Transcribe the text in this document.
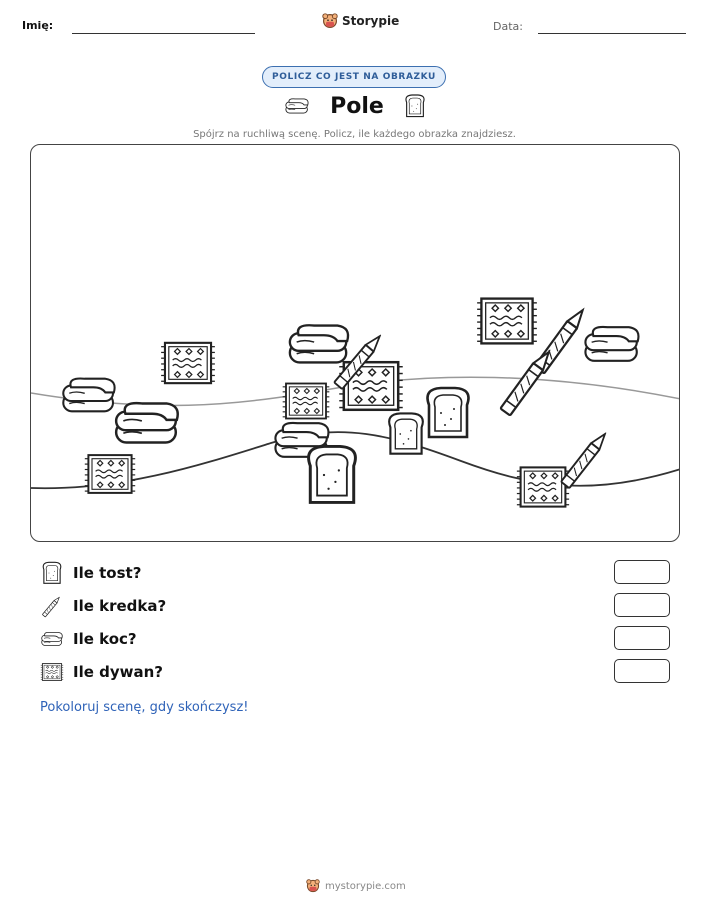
Imię:	Storypie	Data:
POLICZ CO JEST NA OBRAZKU
Pole
Spójrz na ruchliwą scenę. Policz, ile każdego obrazka znajdziesz.
Ile tost?
Ile kredka?
Ile koc?
Ile dywan?
Pokoloruj scenę, gdy skończysz!
mystorypie.com
